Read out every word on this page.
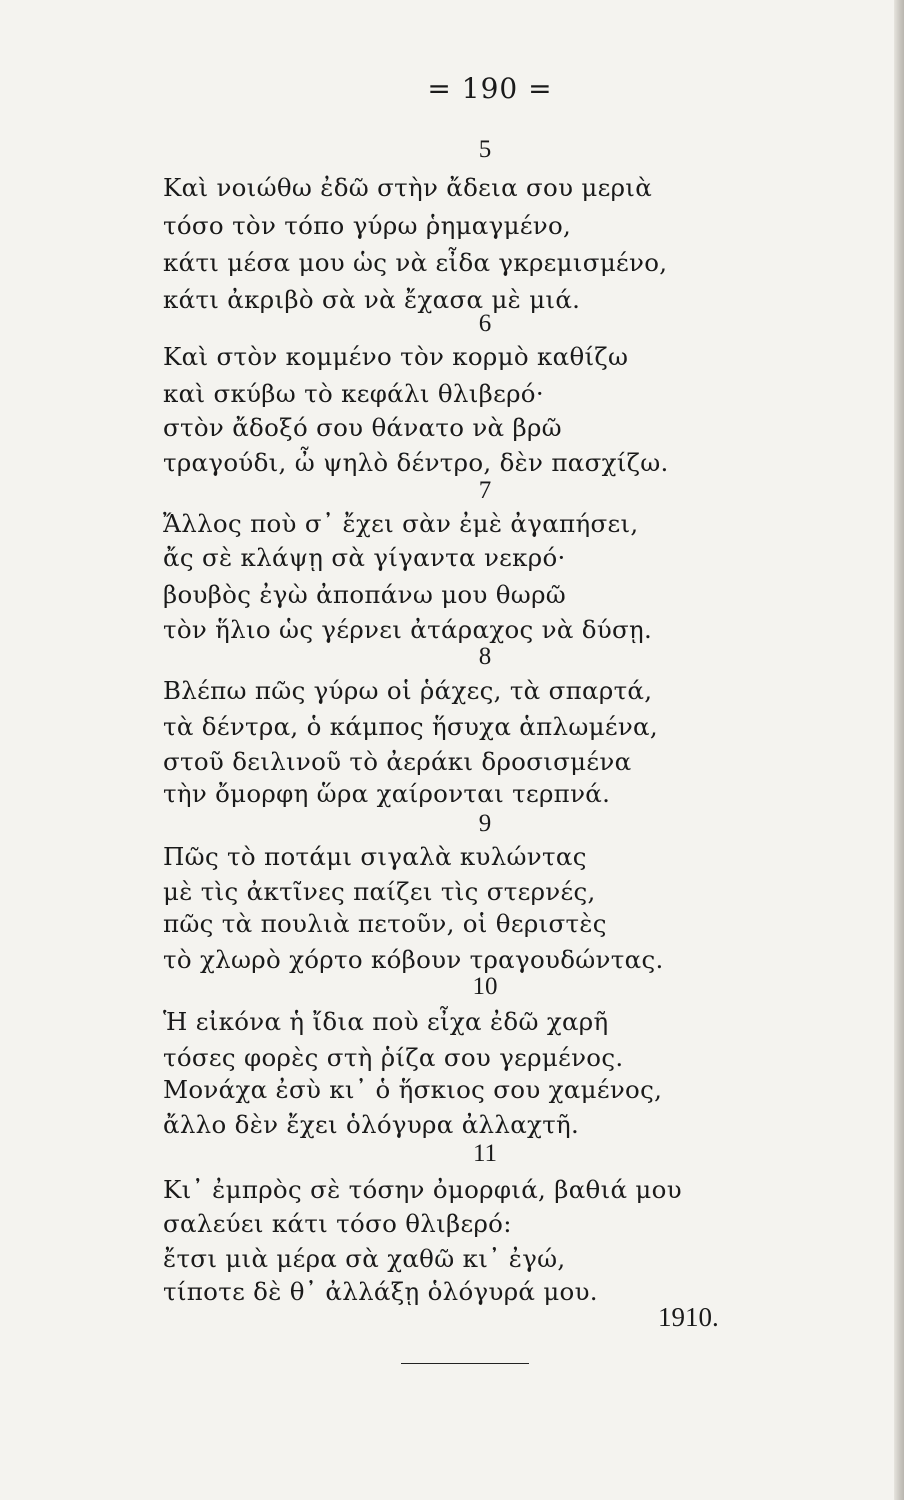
= 190 =
5
Καὶ νοιώθω ἐδῶ στὴν ἄδεια σου μεριὰ
τόσο τὸν τόπο γύρω ῥημαγμένο,
κάτι μέσα μου ὡς νὰ εἶδα γκρεμισμένο,
κάτι ἀκριβὸ σὰ νὰ ἔχασα μὲ μιά.
6
Καὶ στὸν κομμένο τὸν κορμὸ καθίζω
καὶ σκύβω τὸ κεφάλι θλιβερό·
στὸν ἄδοξό σου θάνατο νὰ βρῶ
τραγούδι, ὦ ψηλὸ δέντρο, δὲν πασχίζω.
7
Ἄλλος ποὺ σ᾿ ἔχει σὰν ἐμὲ ἀγαπήσει,
ἄς σὲ κλάψῃ σὰ γίγαντα νεκρό·
βουβὸς ἐγὼ ἀποπάνω μου θωρῶ
τὸν ἥλιο ὡς γέρνει ἀτάραχος νὰ δύσῃ.
8
Βλέπω πῶς γύρω οἱ ῥάχες, τὰ σπαρτά,
τὰ δέντρα, ὁ κάμπος ἥσυχα ἁπλωμένα,
στοῦ δειλινοῦ τὸ ἀεράκι δροσισμένα
τὴν ὄμορφη ὥρα χαίρονται τερπνά.
9
Πῶς τὸ ποτάμι σιγαλὰ κυλώντας
μὲ τὶς ἀκτῖνες παίζει τὶς στερνές,
πῶς τὰ πουλιὰ πετοῦν, οἱ θεριστὲς
τὸ χλωρὸ χόρτο κόβουν τραγουδώντας.
10
Ἡ εἰκόνα ἡ ἴδια ποὺ εἶχα ἐδῶ χαρῆ
τόσες φορὲς στὴ ῥίζα σου γερμένος.
Μονάχα ἐσὺ κι᾿ ὁ ἥσκιος σου χαμένος,
ἄλλο δὲν ἔχει ὁλόγυρα ἀλλαχτῆ.
11
Κι᾿ ἐμπρὸς σὲ τόσην ὀμορφιά, βαθιά μου
σαλεύει κάτι τόσο θλιβερό:
ἔτσι μιὰ μέρα σὰ χαθῶ κι᾿ ἐγώ,
τίποτε δὲ θ᾿ ἀλλάξῃ ὁλόγυρά μου.
1910.
